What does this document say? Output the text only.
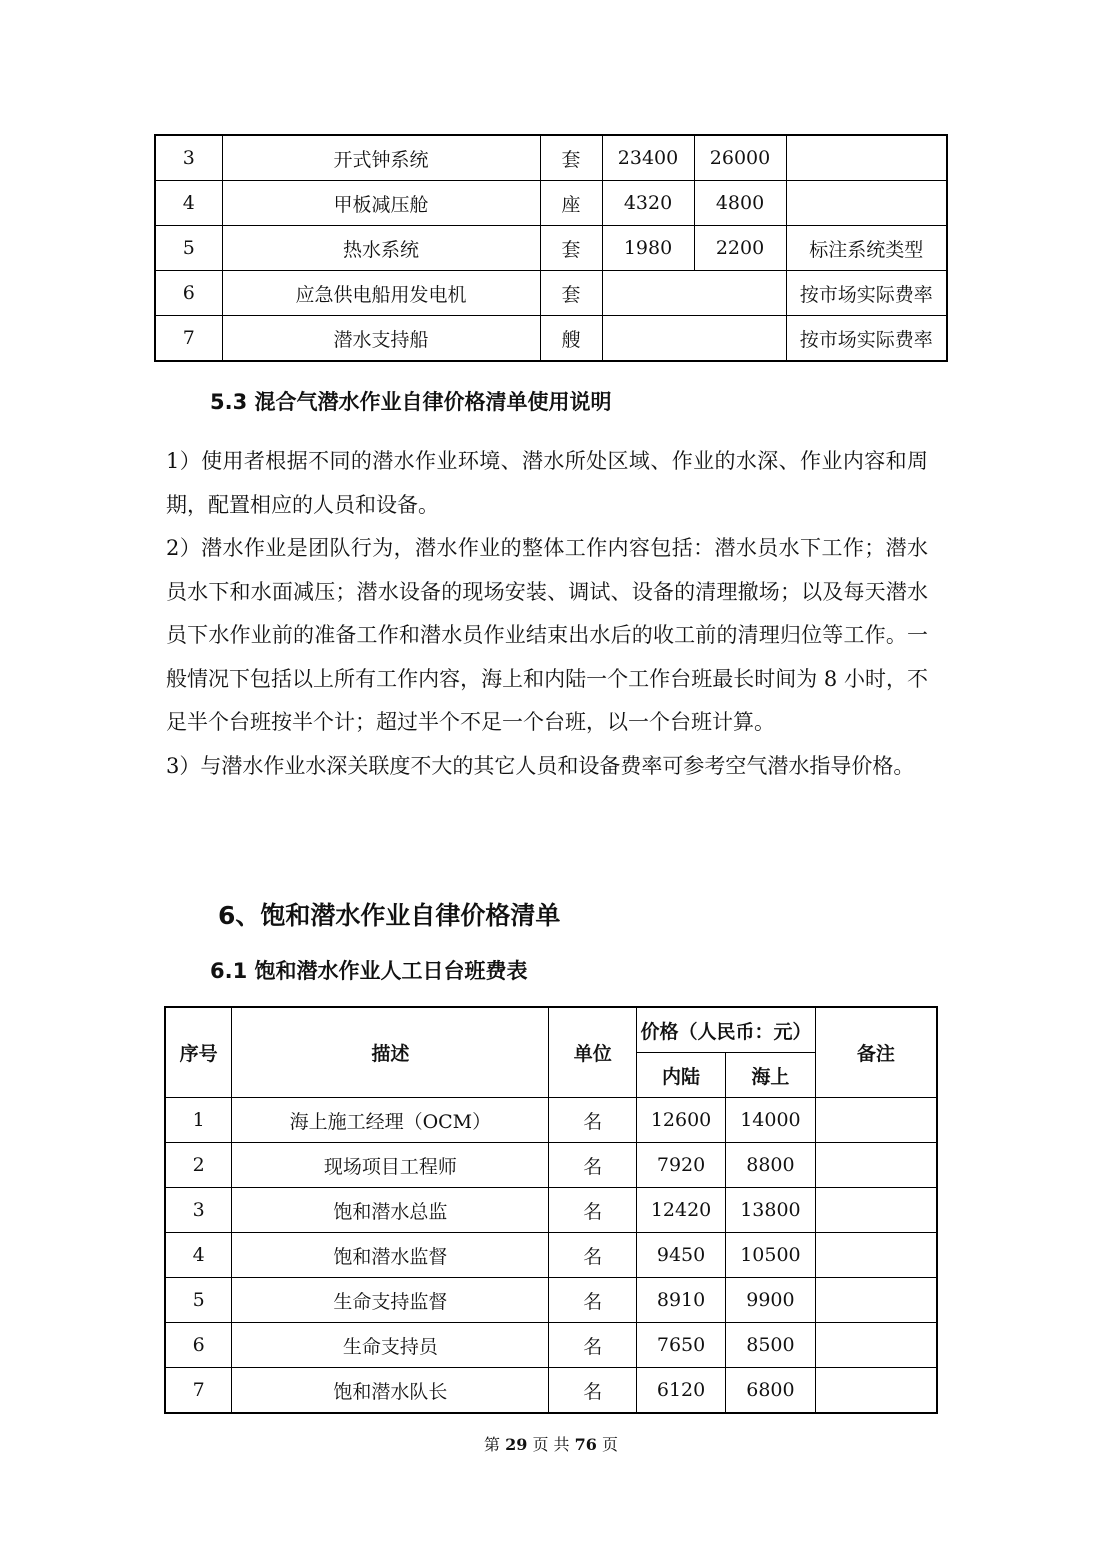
3	开式钟系统	套	23400	26000	
4	甲板减压舱	座	4320	4800	
5	热水系统	套	1980	2200	标注系统类型
6	应急供电船用发电机	套			按市场实际费率
7	潜水支持船	艘			按市场实际费率
5.3 混合气潜水作业自律价格清单使用说明

1）使用者根据不同的潜水作业环境、潜水所处区域、作业的水深、作业内容和周期，配置相应的人员和设备。

2）潜水作业是团队行为，潜水作业的整体工作内容包括：潜水员水下工作；潜水员水下和水面减压；潜水设备的现场安装、调试、设备的清理撤场；以及每天潜水员下水作业前的准备工作和潜水员作业结束出水后的收工前的清理归位等工作。一般情况下包括以上所有工作内容，海上和内陆一个工作台班最长时间为 8 小时，不足半个台班按半个计；超过半个不足一个台班，以一个台班计算。

3）与潜水作业水深关联度不大的其它人员和设备费率可参考空气潜水指导价格。

6、饱和潜水作业自律价格清单
6.1 饱和潜水作业人工日台班费表
序号	描述	单位	价格（人民币：元）		备注
			内陆	海上	
1	海上施工经理（OCM）	名	12600	14000	
2	现场项目工程师	名	7920	8800	
3	饱和潜水总监	名	12420	13800	
4	饱和潜水监督	名	9450	10500	
5	生命支持监督	名	8910	9900	
6	生命支持员	名	7650	8500	
7	饱和潜水队长	名	6120	6800	
第 29 页 共 76 页
